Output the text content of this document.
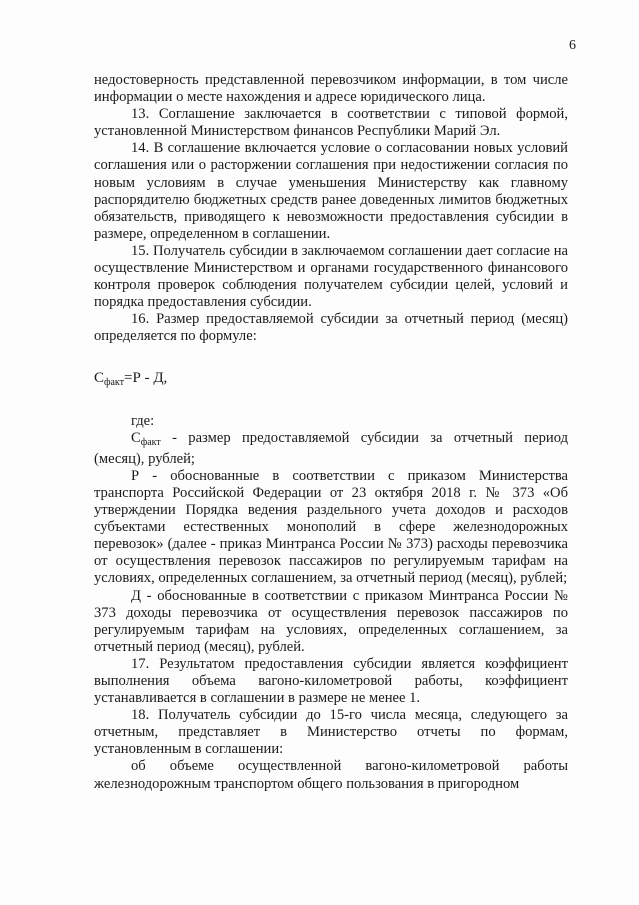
6

недостоверность представленной перевозчиком информации, в том числе информации о месте нахождения и адресе юридического лица.

13. Соглашение заключается в соответствии с типовой формой, установленной Министерством финансов Республики Марий Эл.

14. В соглашение включается условие о согласовании новых условий соглашения или о расторжении соглашения при недостижении согласия по новым условиям в случае уменьшения Министерству как главному распорядителю бюджетных средств ранее доведенных лимитов бюджетных обязательств, приводящего к невозможности предоставления субсидии в размере, определенном в соглашении.

15. Получатель субсидии в заключаемом соглашении дает согласие на осуществление Министерством и органами государственного финансового контроля проверок соблюдения получателем субсидии целей, условий и порядка предоставления субсидии.

16. Размер предоставляемой субсидии за отчетный период (месяц) определяется по формуле:

$С_{факт}=Р - Д$,

где:

$С_{факт}$ - размер предоставляемой субсидии за отчетный период (месяц), рублей;

Р - обоснованные в соответствии с приказом Министерства транспорта Российской Федерации от 23 октября 2018 г. № 373 «Об утверждении Порядка ведения раздельного учета доходов и расходов субъектами естественных монополий в сфере железнодорожных перевозок» (далее - приказ Минтранса России № 373) расходы перевозчика от осуществления перевозок пассажиров по регулируемым тарифам на условиях, определенных соглашением, за отчетный период (месяц), рублей;

Д - обоснованные в соответствии с приказом Минтранса России № 373 доходы перевозчика от осуществления перевозок пассажиров по регулируемым тарифам на условиях, определенных соглашением, за отчетный период (месяц), рублей.

17. Результатом предоставления субсидии является коэффициент выполнения объема вагоно-километровой работы, коэффициент устанавливается в соглашении в размере не менее 1.

18. Получатель субсидии до 15-го числа месяца, следующего за отчетным, представляет в Министерство отчеты по формам, установленным в соглашении:

об объеме осуществленной вагоно-километровой работы железнодорожным транспортом общего пользования в пригородном
